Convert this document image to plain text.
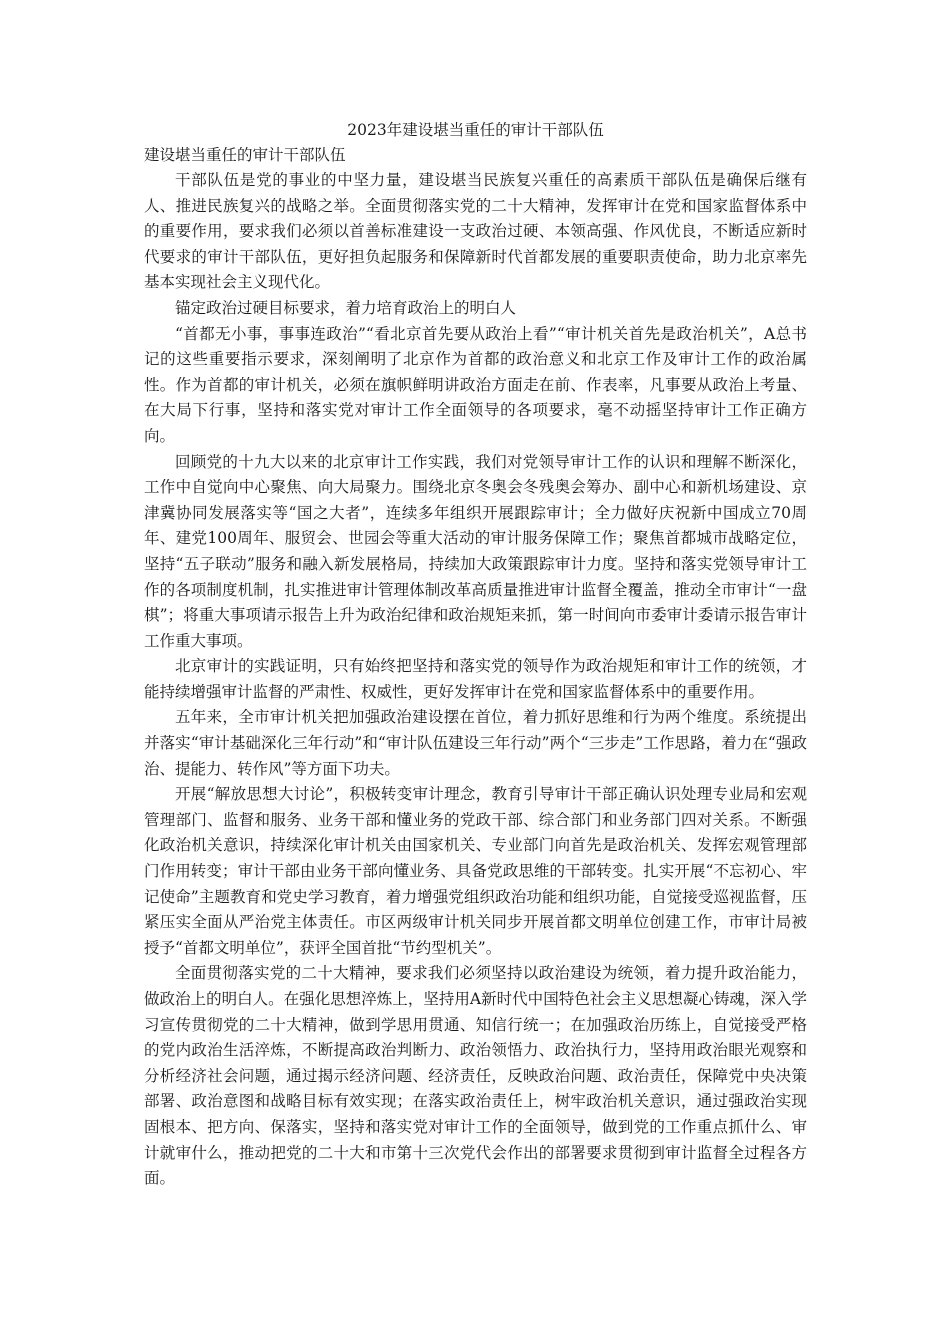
2023年建设堪当重任的审计干部队伍
建设堪当重任的审计干部队伍

干部队伍是党的事业的中坚力量，建设堪当民族复兴重任的高素质干部队伍是确保后继有人、推进民族复兴的战略之举。全面贯彻落实党的二十大精神，发挥审计在党和国家监督体系中的重要作用，要求我们必须以首善标准建设一支政治过硬、本领高强、作风优良，不断适应新时代要求的审计干部队伍，更好担负起服务和保障新时代首都发展的重要职责使命，助力北京率先基本实现社会主义现代化。

锚定政治过硬目标要求，着力培育政治上的明白人

“首都无小事，事事连政治”“看北京首先要从政治上看”“审计机关首先是政治机关”，A总书记的这些重要指示要求，深刻阐明了北京作为首都的政治意义和北京工作及审计工作的政治属性。作为首都的审计机关，必须在旗帜鲜明讲政治方面走在前、作表率，凡事要从政治上考量、在大局下行事，坚持和落实党对审计工作全面领导的各项要求，毫不动摇坚持审计工作正确方向。

回顾党的十九大以来的北京审计工作实践，我们对党领导审计工作的认识和理解不断深化，工作中自觉向中心聚焦、向大局聚力。围绕北京冬奥会冬残奥会筹办、副中心和新机场建设、京津冀协同发展落实等“国之大者”，连续多年组织开展跟踪审计；全力做好庆祝新中国成立70周年、建党100周年、服贸会、世园会等重大活动的审计服务保障工作；聚焦首都城市战略定位，坚持“五子联动”服务和融入新发展格局，持续加大政策跟踪审计力度。坚持和落实党领导审计工作的各项制度机制，扎实推进审计管理体制改革高质量推进审计监督全覆盖，推动全市审计“一盘棋”；将重大事项请示报告上升为政治纪律和政治规矩来抓，第一时间向市委审计委请示报告审计工作重大事项。

北京审计的实践证明，只有始终把坚持和落实党的领导作为政治规矩和审计工作的统领，才能持续增强审计监督的严肃性、权威性，更好发挥审计在党和国家监督体系中的重要作用。

五年来，全市审计机关把加强政治建设摆在首位，着力抓好思维和行为两个维度。系统提出并落实“审计基础深化三年行动”和“审计队伍建设三年行动”两个“三步走”工作思路，着力在“强政治、提能力、转作风”等方面下功夫。

开展“解放思想大讨论”，积极转变审计理念，教育引导审计干部正确认识处理专业局和宏观管理部门、监督和服务、业务干部和懂业务的党政干部、综合部门和业务部门四对关系。不断强化政治机关意识，持续深化审计机关由国家机关、专业部门向首先是政治机关、发挥宏观管理部门作用转变；审计干部由业务干部向懂业务、具备党政思维的干部转变。扎实开展“不忘初心、牢记使命”主题教育和党史学习教育，着力增强党组织政治功能和组织功能，自觉接受巡视监督，压紧压实全面从严治党主体责任。市区两级审计机关同步开展首都文明单位创建工作，市审计局被授予“首都文明单位”，获评全国首批“节约型机关”。

全面贯彻落实党的二十大精神，要求我们必须坚持以政治建设为统领，着力提升政治能力，做政治上的明白人。在强化思想淬炼上，坚持用A新时代中国特色社会主义思想凝心铸魂，深入学习宣传贯彻党的二十大精神，做到学思用贯通、知信行统一；在加强政治历练上，自觉接受严格的党内政治生活淬炼，不断提高政治判断力、政治领悟力、政治执行力，坚持用政治眼光观察和分析经济社会问题，通过揭示经济问题、经济责任，反映政治问题、政治责任，保障党中央决策部署、政治意图和战略目标有效实现；在落实政治责任上，树牢政治机关意识，通过强政治实现固根本、把方向、保落实，坚持和落实党对审计工作的全面领导，做到党的工作重点抓什么、审计就审什么，推动把党的二十大和市第十三次党代会作出的部署要求贯彻到审计监督全过程各方面。
